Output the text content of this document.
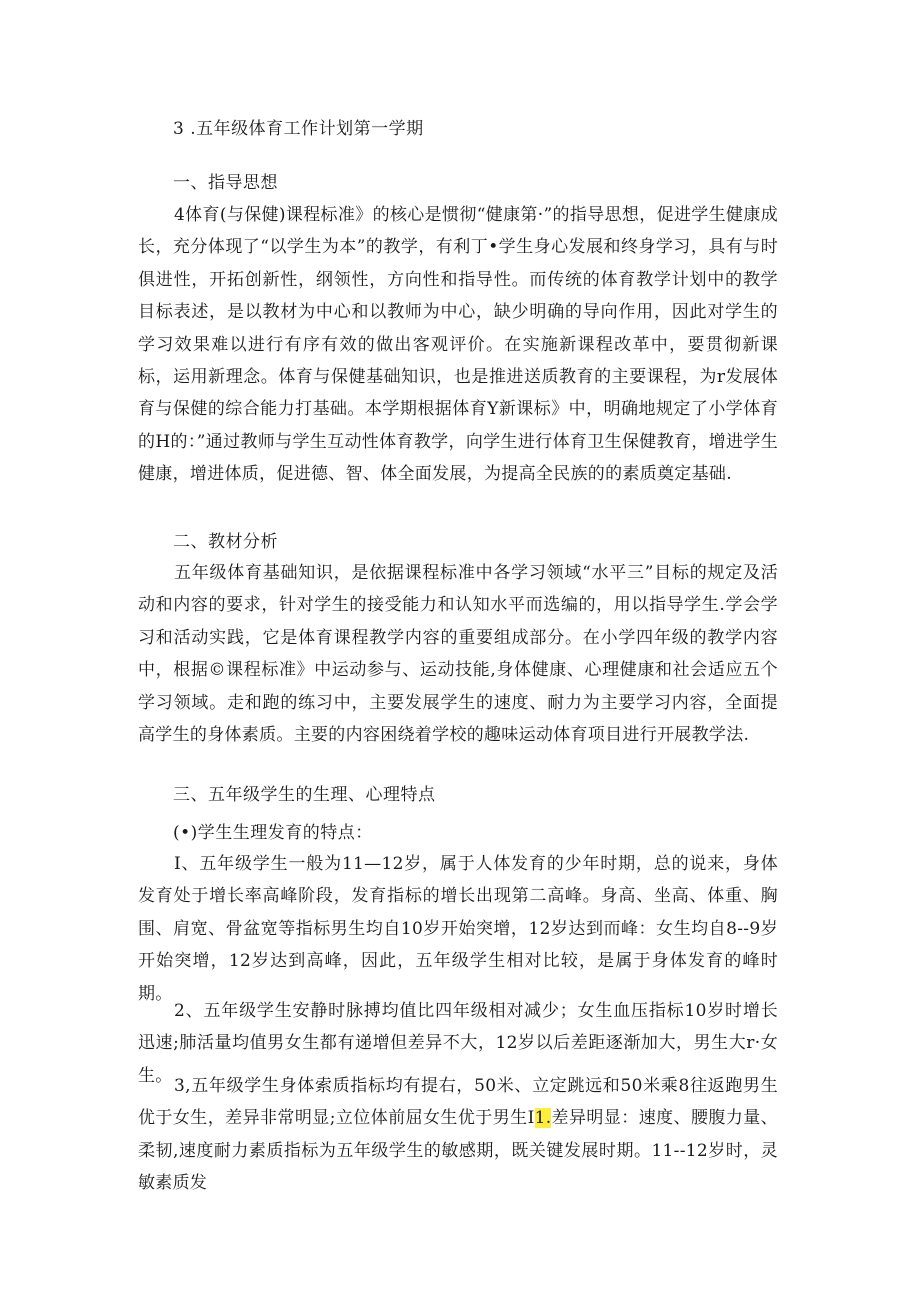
3 .五年级体育工作计划第一学期
一、指导思想
4体育(与保健)课程标准》的核心是惯彻“健康第·”的指导思想，促进学生健康成长，充分体现了“以学生为本”的教学，有利丁•学生身心发展和终身学习，具有与时俱进性，开拓创新性，纲领性，方向性和指导性。而传统的体育教学计划中的教学目标表述，是以教材为中心和以教师为中心，缺少明确的导向作用，因此对学生的学习效果难以进行有序有效的做出客观评价。在实施新课程改革中，要贯彻新课标，运用新理念。体育与保健基础知识，也是推进送质教育的主要课程，为r发展体育与保健的综合能力打基础。本学期根据体育Y新课标》中，明确地规定了小学体育的H的：”通过教师与学生互动性体育教学，向学生进行体育卫生保健教育，增进学生健康，增进体质，促进德、智、体全面发展，为提高全民族的的素质奠定基础.
二、教材分析
五年级体育基础知识，是依据课程标准中各学习领域“水平三”目标的规定及活动和内容的要求，针对学生的接受能力和认知水平而选编的，用以指导学生.学会学习和活动实践，它是体育课程教学内容的重要组成部分。在小学四年级的教学内容中，根据©课程标准》中运动参与、运动技能,身体健康、心理健康和社会适应五个学习领域。走和跑的练习中，主要发展学生的速度、耐力为主要学习内容，全面提高学生的身体素质。主要的内容困绕着学校的趣味运动体育项目进行开展教学法.
三、五年级学生的生理、心理特点
(•)学生生理发育的特点：
I、五年级学生一般为11—12岁，属于人体发育的少年时期，总的说来，身体发育处于增长率高峰阶段，发育指标的增长出现第二高峰。身高、坐高、体重、胸围、肩宽、骨盆宽等指标男生均自10岁开始突增，12岁达到而峰：女生均自8--9岁开始突增，12岁达到高峰，因此，五年级学生相对比较，是属于身体发育的峰时期。
2、五年级学生安静时脉搏均值比四年级相对减少；女生血压指标10岁时增长迅速;肺活量均值男女生都有递增但差异不大，12岁以后差距逐渐加大，男生大r·女生。
3,五年级学生身体索质指标均有提右，50米、立定跳远和50米乘8往返跑男生优于女生，差异非常明显;立位体前屈女生优于男生I1.差异明显：速度、腰腹力量、柔韧,速度耐力素质指标为五年级学生的敏感期，既关键发展时期。11--12岁时，灵敏素质发
